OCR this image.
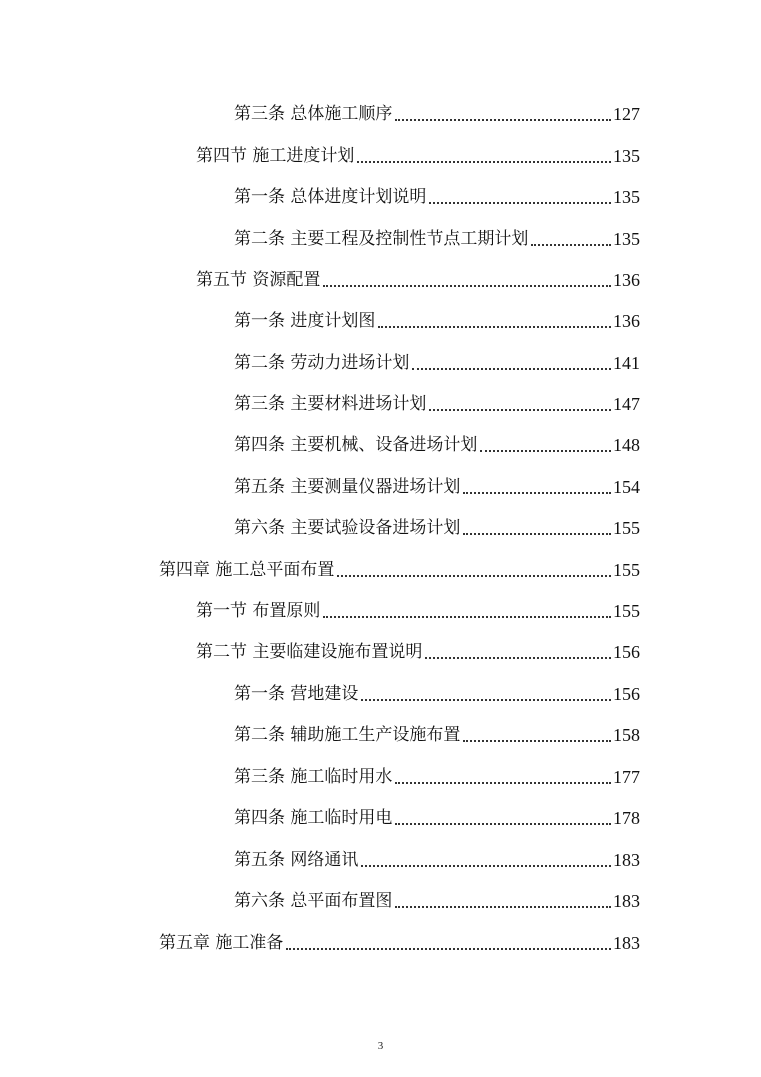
第三条 总体施工顺序	127
第四节 施工进度计划	135
第一条 总体进度计划说明	135
第二条 主要工程及控制性节点工期计划	135
第五节 资源配置	136
第一条 进度计划图	136
第二条 劳动力进场计划	141
第三条 主要材料进场计划	147
第四条 主要机械、设备进场计划	148
第五条 主要测量仪器进场计划	154
第六条 主要试验设备进场计划	155
第四章 施工总平面布置	155
第一节 布置原则	155
第二节 主要临建设施布置说明	156
第一条 营地建设	156
第二条 辅助施工生产设施布置	158
第三条 施工临时用水	177
第四条 施工临时用电	178
第五条 网络通讯	183
第六条 总平面布置图	183
第五章 施工准备	183
3
